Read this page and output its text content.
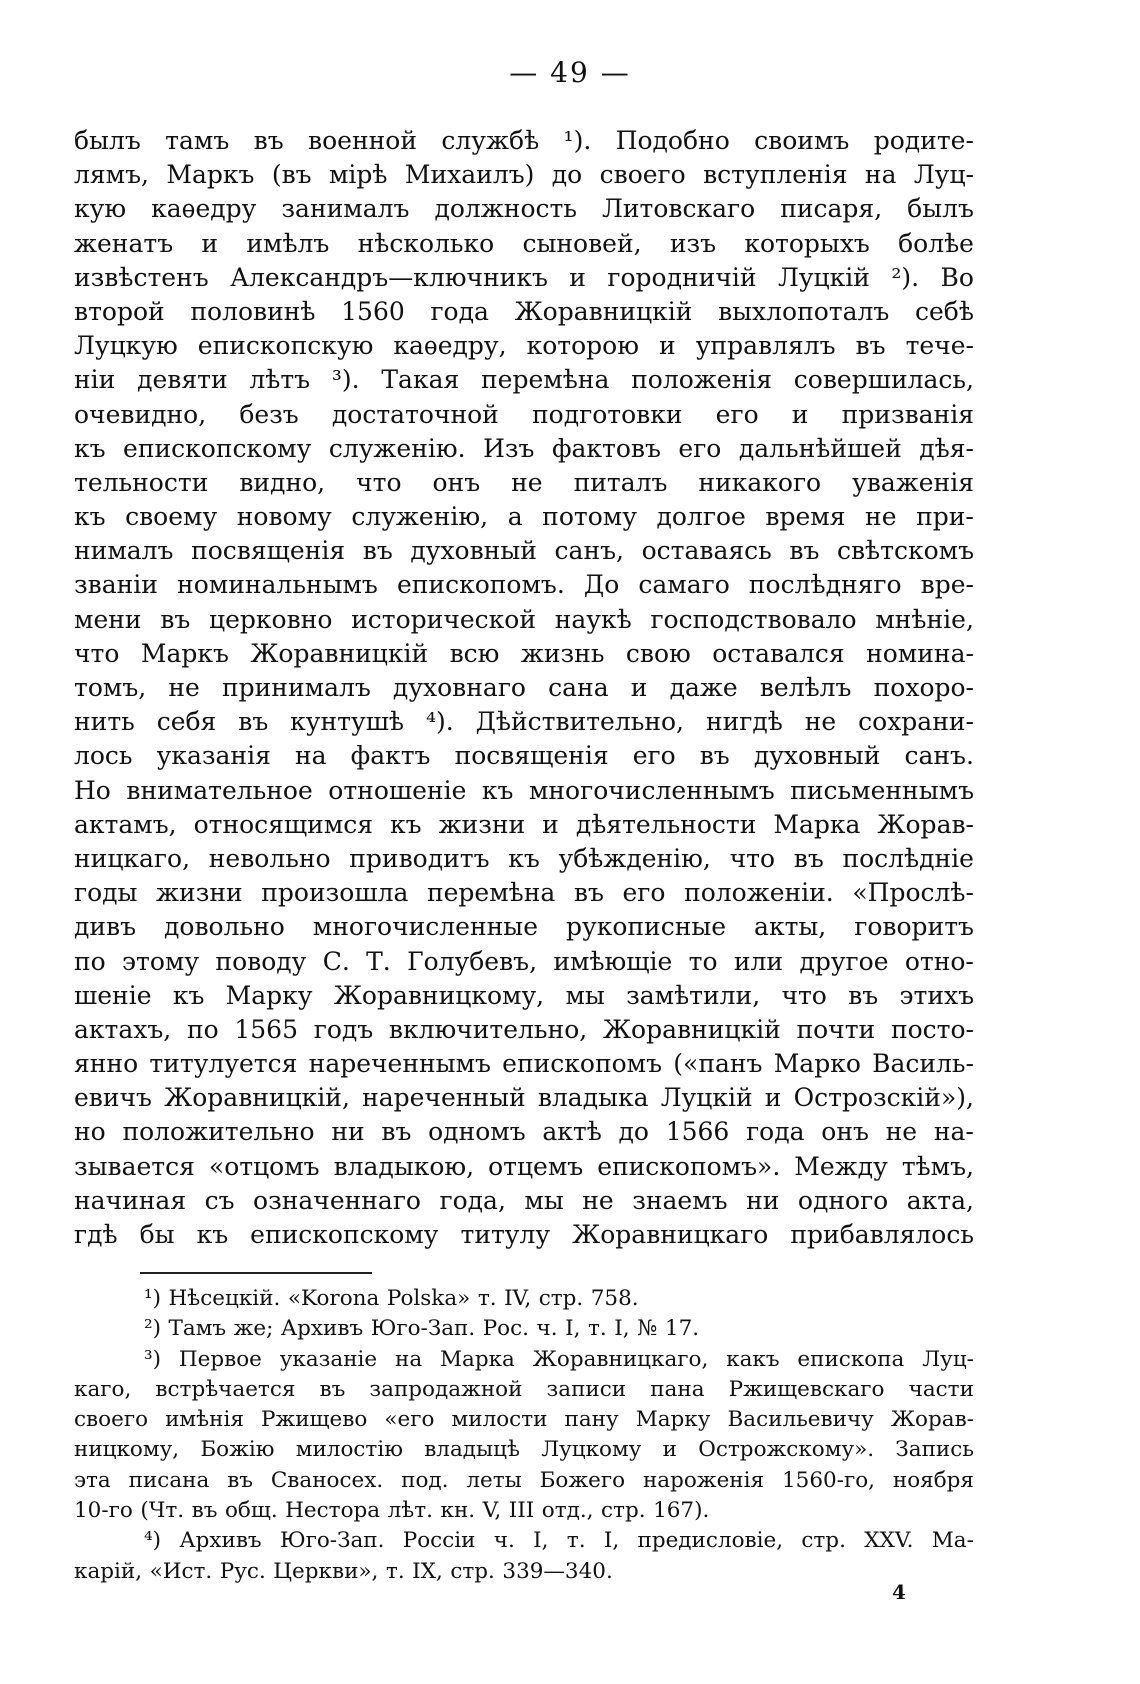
— 49 —
былъ тамъ въ военной службѣ ¹). Подобно своимъ родите-
лямъ, Маркъ (въ мірѣ Михаилъ) до своего вступленія на Луц-
кую каѳедру занималъ должность Литовскаго писаря, былъ
женатъ и имѣлъ нѣсколько сыновей, изъ которыхъ болѣе
извѣстенъ Александръ—ключникъ и городничій Луцкій ²). Во
второй половинѣ 1560 года Жоравницкій выхлопоталъ себѣ
Луцкую епископскую каѳедру, которою и управлялъ въ тече-
ніи девяти лѣтъ ³). Такая перемѣна положенія совершилась,
очевидно, безъ достаточной подготовки его и призванія
къ епископскому служенію. Изъ фактовъ его дальнѣйшей дѣя-
тельности видно, что онъ не питалъ никакого уваженія
къ своему новому служенію, а потому долгое время не при-
нималъ посвященія въ духовный санъ, оставаясь въ свѣтскомъ
званіи номинальнымъ епископомъ. До самаго послѣдняго вре-
мени въ церковно исторической наукѣ господствовало мнѣніе,
что Маркъ Жоравницкій всю жизнь свою оставался номина-
томъ, не принималъ духовнаго сана и даже велѣлъ похоро-
нить себя въ кунтушѣ ⁴). Дѣйствительно, нигдѣ не сохрани-
лось указанія на фактъ посвященія его въ духовный санъ.
Но внимательное отношеніе къ многочисленнымъ письменнымъ
актамъ, относящимся къ жизни и дѣятельности Марка Жорав-
ницкаго, невольно приводитъ къ убѣжденію, что въ послѣдніе
годы жизни произошла перемѣна въ его положеніи. «Прослѣ-
дивъ довольно многочисленные рукописные акты, говоритъ
по этому поводу С. Т. Голубевъ, имѣющіе то или другое отно-
шеніе къ Марку Жоравницкому, мы замѣтили, что въ этихъ
актахъ, по 1565 годъ включительно, Жоравницкій почти посто-
янно титулуется нареченнымъ епископомъ («панъ Марко Василь-
евичъ Жоравницкій, нареченный владыка Луцкій и Острозскій»),
но положительно ни въ одномъ актѣ до 1566 года онъ не на-
зывается «отцомъ владыкою, отцемъ епископомъ». Между тѣмъ,
начиная съ означеннаго года, мы не знаемъ ни одного акта,
гдѣ бы къ епископскому титулу Жоравницкаго прибавлялось
¹) Нѣсецкій. «Korona Polska» т. IV, стр. 758.
²) Тамъ же; Архивъ Юго-Зап. Рос. ч. I, т. I, № 17.
³) Первое указаніе на Марка Жоравницкаго, какъ епископа Луц-
каго, встрѣчается въ запродажной записи пана Ржищевскаго части
своего имѣнія Ржищево «его милости пану Марку Васильевичу Жорав-
ницкому, Божію милостію владыцѣ Луцкому и Острожскому». Запись
эта писана въ Сваносех. под. леты Божего нароженія 1560-го, ноября
10-го (Чт. въ общ. Нестора лѣт. кн. V, III отд., стр. 167).
⁴) Архивъ Юго-Зап. Россіи ч. I, т. I, предисловіе, стр. XXV. Ма-
карій, «Ист. Рус. Церкви», т. IX, стр. 339—340.
4
